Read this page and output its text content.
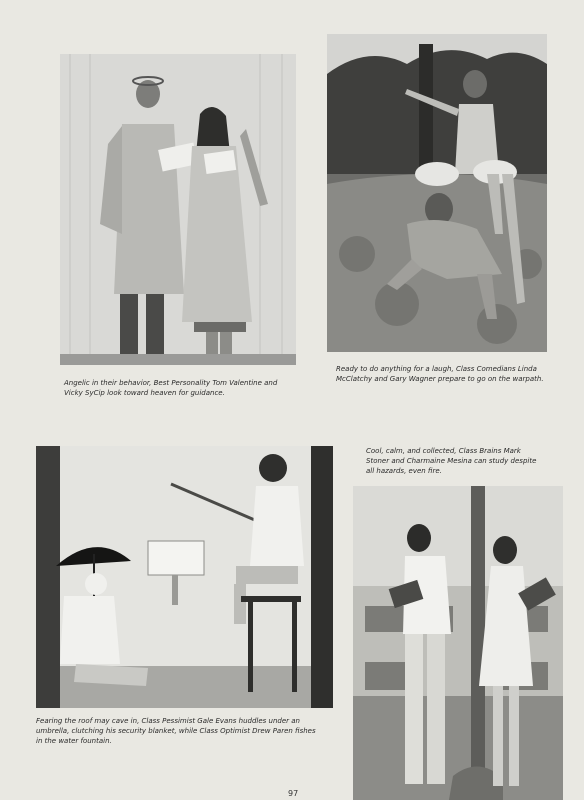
Angelic in their behavior, Best Personality Tom Valentine and
Vicky SyCip look toward heaven for guidance.
Ready to do anything for a laugh, Class Comedians Linda
McClatchy and Gary Wagner prepare to go on the warpath.
Fearing the roof may cave in, Class Pessimist Gale Evans huddles under an
umbrella, clutching his security blanket, while Class Optimist Drew Paren fishes
in the water fountain.
Cool, calm, and collected, Class Brains Mark
Stoner and Charmaine Mesina can study despite
all hazards, even fire.
97
